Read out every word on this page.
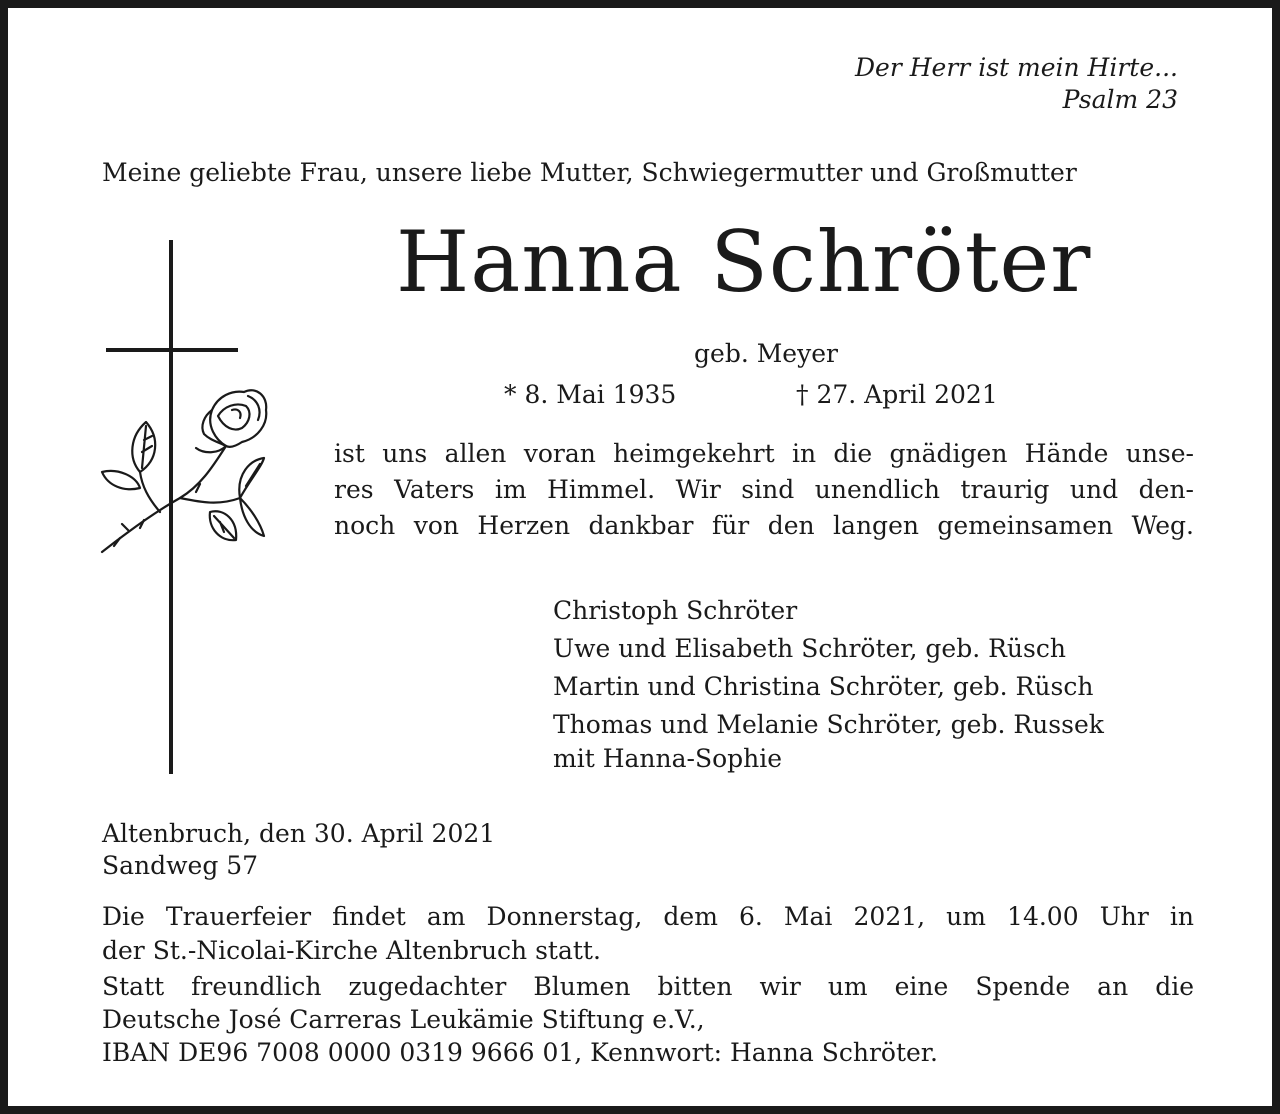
Der Herr ist mein Hirte...
Psalm 23
Meine geliebte Frau, unsere liebe Mutter, Schwiegermutter und Großmutter
Hanna Schröter
geb. Meyer
* 8. Mai 1935	† 27. April 2021
ist uns allen voran heimgekehrt in die gnädigen Hände unse-
res Vaters im Himmel. Wir sind unendlich traurig und den-
noch von Herzen dankbar für den langen gemeinsamen Weg.
Christoph Schröter
Uwe und Elisabeth Schröter, geb. Rüsch
Martin und Christina Schröter, geb. Rüsch
Thomas und Melanie Schröter, geb. Russek
mit Hanna-Sophie
Altenbruch, den 30. April 2021
Sandweg 57
Die Trauerfeier findet am Donnerstag, dem 6. Mai 2021, um 14.00 Uhr in
der St.-Nicolai-Kirche Altenbruch statt.
Statt freundlich zugedachter Blumen bitten wir um eine Spende an die
Deutsche José Carreras Leukämie Stiftung e.V.,
IBAN DE96 7008 0000 0319 9666 01, Kennwort: Hanna Schröter.
